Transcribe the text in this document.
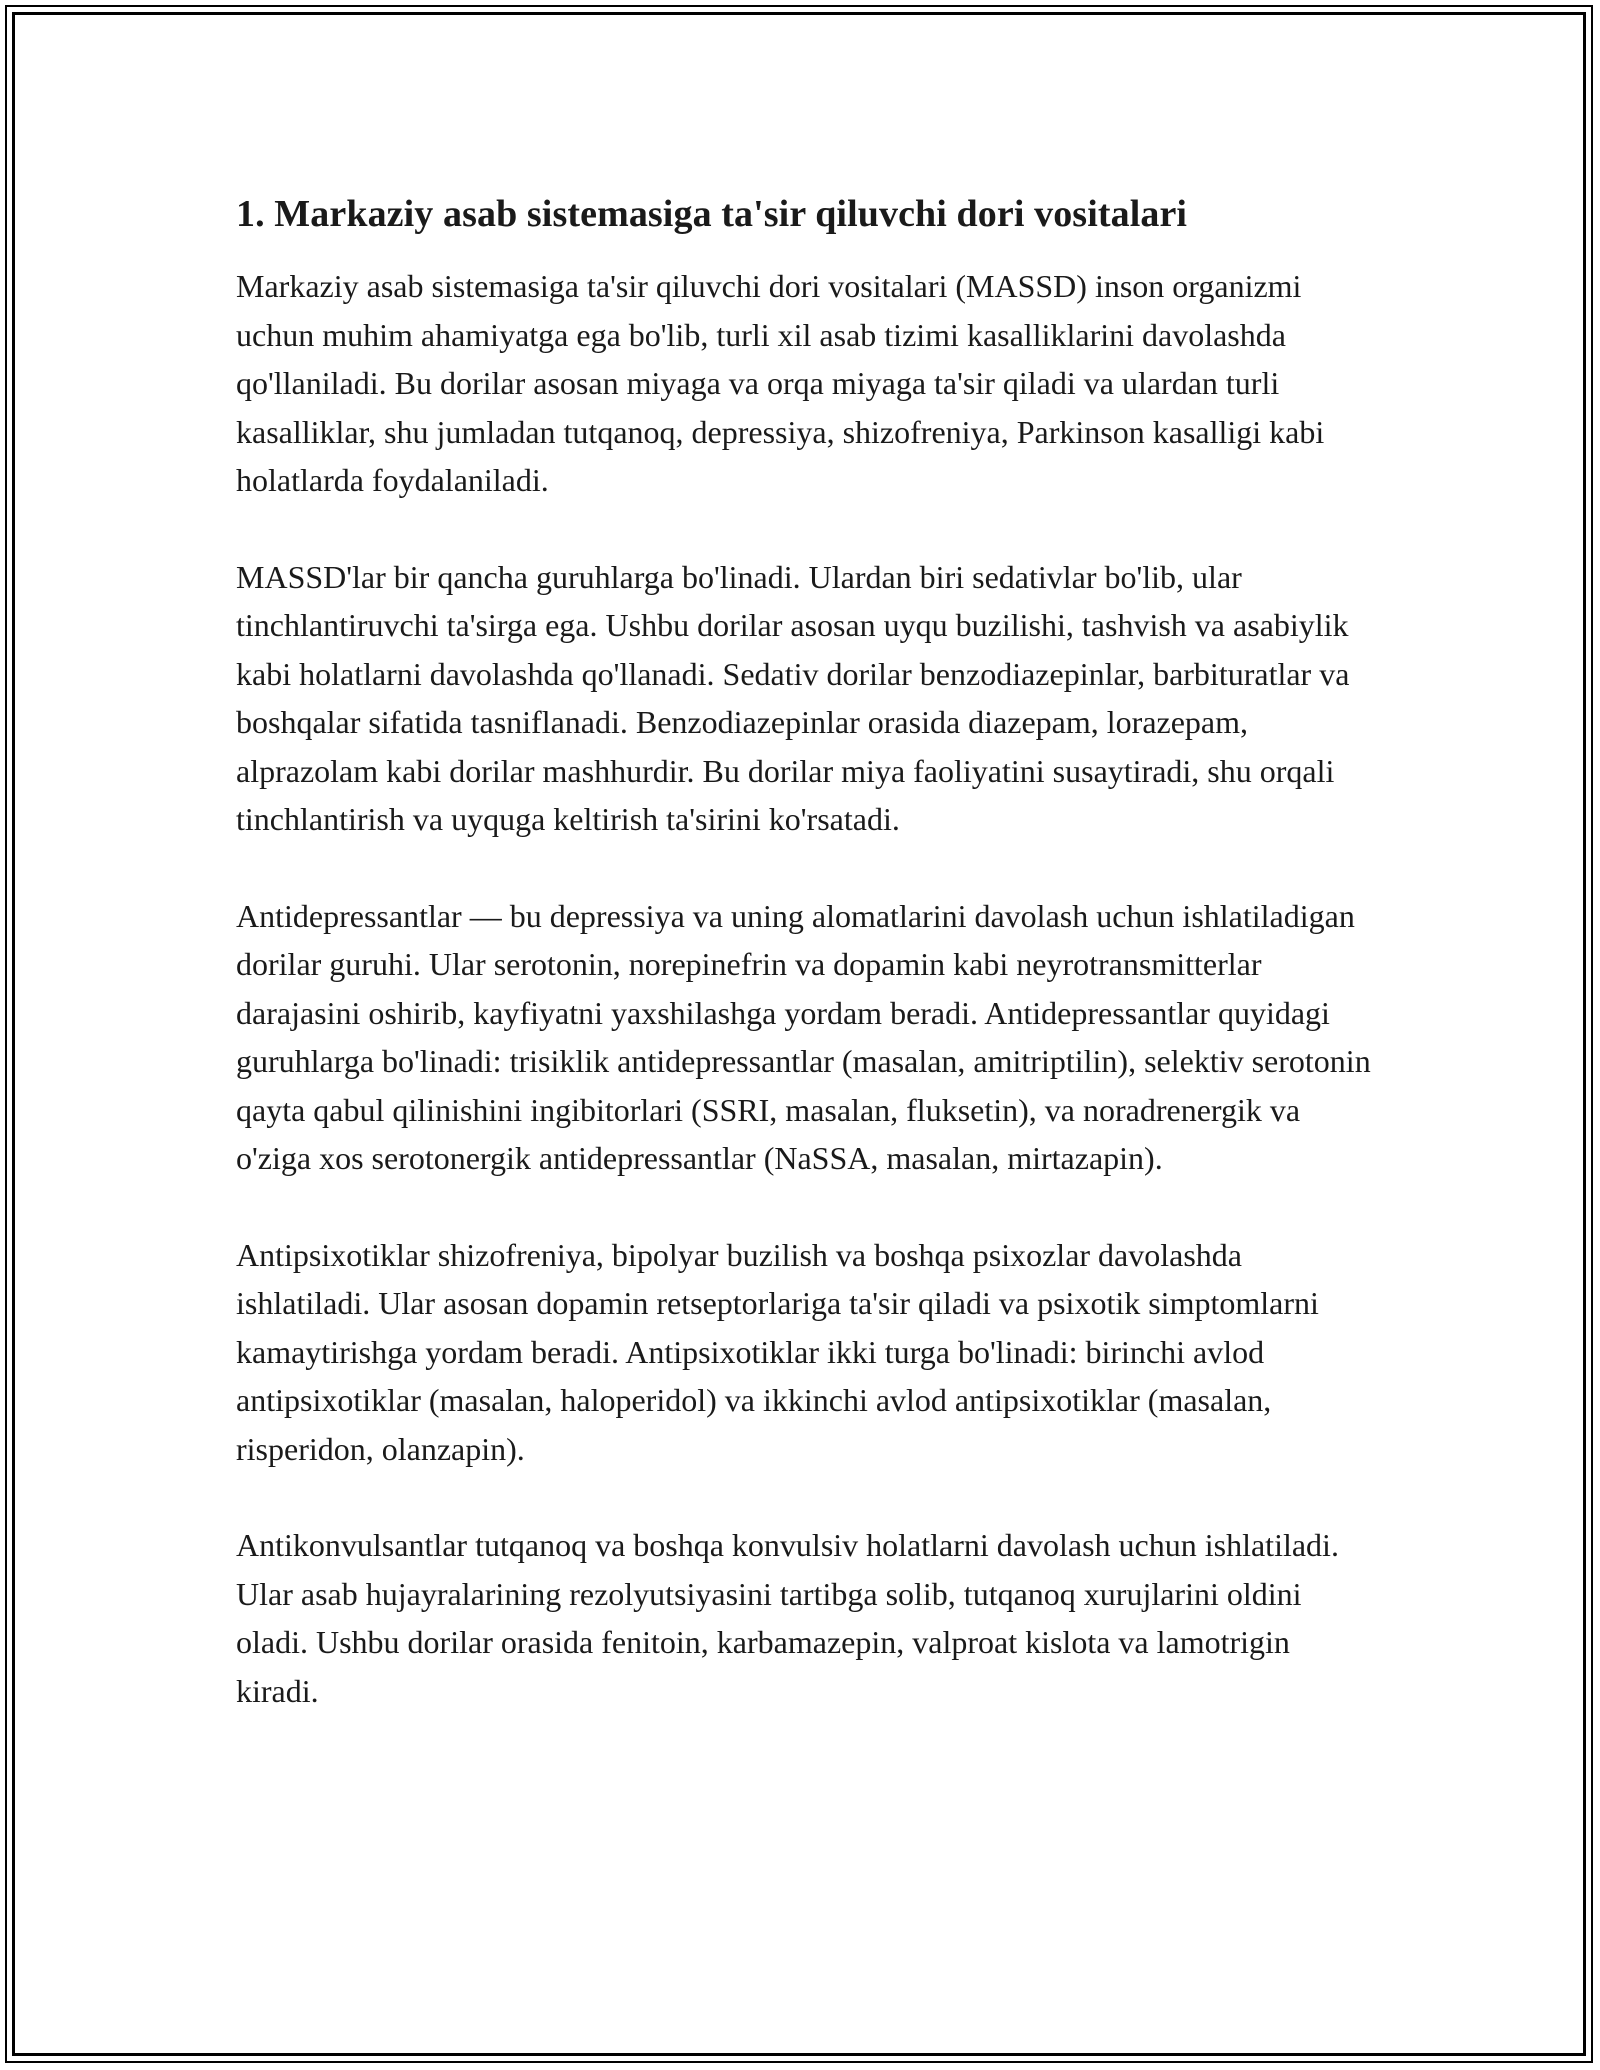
1. Markaziy asab sistemasiga ta'sir qiluvchi dori vositalari

Markaziy asab sistemasiga ta'sir qiluvchi dori vositalari (MASSD) inson organizmi uchun muhim ahamiyatga ega bo'lib, turli xil asab tizimi kasalliklarini davolashda qo'llaniladi. Bu dorilar asosan miyaga va orqa miyaga ta'sir qiladi va ulardan turli kasalliklar, shu jumladan tutqanoq, depressiya, shizofreniya, Parkinson kasalligi kabi holatlarda foydalaniladi.

MASSD'lar bir qancha guruhlarga bo'linadi. Ulardan biri sedativlar bo'lib, ular tinchlantiruvchi ta'sirga ega. Ushbu dorilar asosan uyqu buzilishi, tashvish va asabiylik kabi holatlarni davolashda qo'llanadi. Sedativ dorilar benzodiazepinlar, barbituratlar va boshqalar sifatida tasniflanadi. Benzodiazepinlar orasida diazepam, lorazepam, alprazolam kabi dorilar mashhurdir. Bu dorilar miya faoliyatini susaytiradi, shu orqali tinchlantirish va uyquga keltirish ta'sirini ko'rsatadi.

Antidepressantlar — bu depressiya va uning alomatlarini davolash uchun ishlatiladigan dorilar guruhi. Ular serotonin, norepinefrin va dopamin kabi neyrotransmitterlar darajasini oshirib, kayfiyatni yaxshilashga yordam beradi. Antidepressantlar quyidagi guruhlarga bo'linadi: trisiklik antidepressantlar (masalan, amitriptilin), selektiv serotonin qayta qabul qilinishini ingibitorlari (SSRI, masalan, fluksetin), va noradrenergik va o'ziga xos serotonergik antidepressantlar (NaSSA, masalan, mirtazapin).

Antipsixotiklar shizofreniya, bipolyar buzilish va boshqa psixozlar davolashda ishlatiladi. Ular asosan dopamin retseptorlariga ta'sir qiladi va psixotik simptomlarni kamaytirishga yordam beradi. Antipsixotiklar ikki turga bo'linadi: birinchi avlod antipsixotiklar (masalan, haloperidol) va ikkinchi avlod antipsixotiklar (masalan, risperidon, olanzapin).

Antikonvulsantlar tutqanoq va boshqa konvulsiv holatlarni davolash uchun ishlatiladi. Ular asab hujayralarining rezolyutsiyasini tartibga solib, tutqanoq xurujlarini oldini oladi. Ushbu dorilar orasida fenitoin, karbamazepin, valproat kislota va lamotrigin kiradi.
